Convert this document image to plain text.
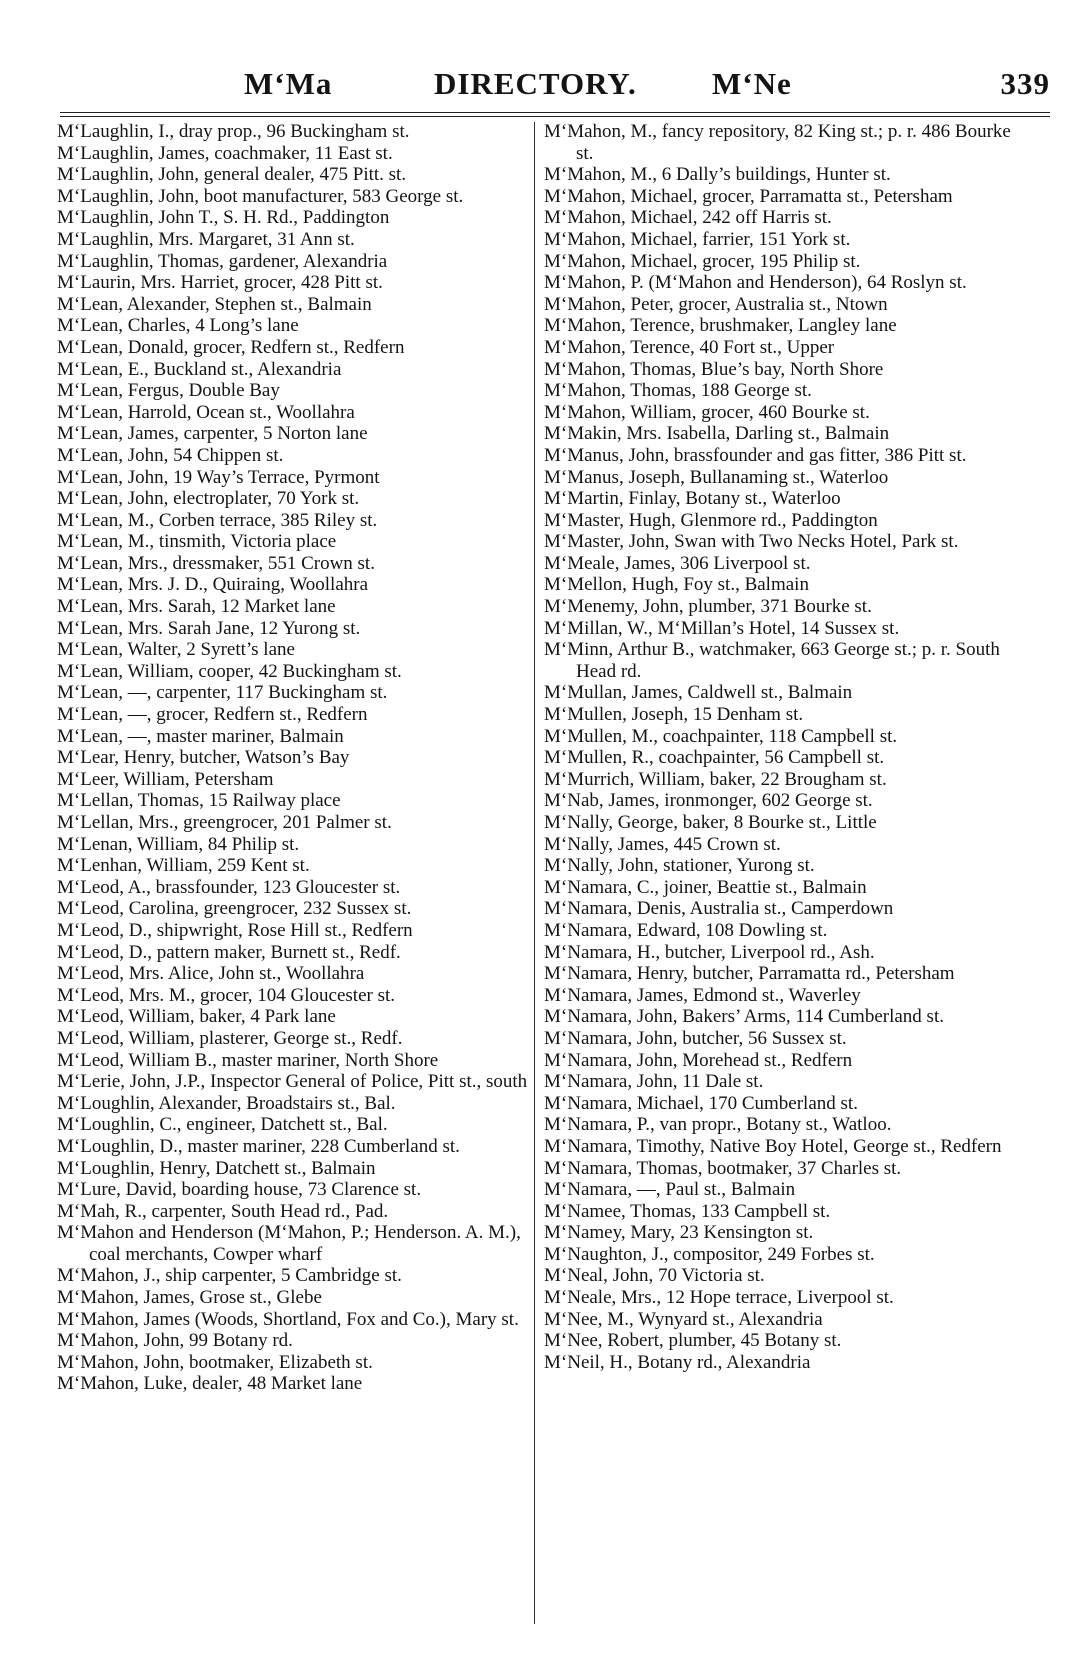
M‘Ma	DIRECTORY. M‘Ne	339

M‘Laughlin, I., dray prop., 96 Buckingham st.

M‘Laughlin, James, coachmaker, 11 East st.

M‘Laughlin, John, general dealer, 475 Pitt. st.

M‘Laughlin, John, boot manufacturer, 583 George st.

M‘Laughlin, John T., S. H. Rd., Paddington

M‘Laughlin, Mrs. Margaret, 31 Ann st.

M‘Laughlin, Thomas, gardener, Alexandria

M‘Laurin, Mrs. Harriet, grocer, 428 Pitt st.

M‘Lean, Alexander, Stephen st., Balmain

M‘Lean, Charles, 4 Long’s lane

M‘Lean, Donald, grocer, Redfern st., Redfern

M‘Lean, E., Buckland st., Alexandria

M‘Lean, Fergus, Double Bay

M‘Lean, Harrold, Ocean st., Woollahra

M‘Lean, James, carpenter, 5 Norton lane

M‘Lean, John, 54 Chippen st.

M‘Lean, John, 19 Way’s Terrace, Pyrmont

M‘Lean, John, electroplater, 70 York st.

M‘Lean, M., Corben terrace, 385 Riley st.

M‘Lean, M., tinsmith, Victoria place

M‘Lean, Mrs., dressmaker, 551 Crown st.

M‘Lean, Mrs. J. D., Quiraing, Woollahra

M‘Lean, Mrs. Sarah, 12 Market lane

M‘Lean, Mrs. Sarah Jane, 12 Yurong st.

M‘Lean, Walter, 2 Syrett’s lane

M‘Lean, William, cooper, 42 Buckingham st.

M‘Lean, —, carpenter, 117 Buckingham st.

M‘Lean, —, grocer, Redfern st., Redfern

M‘Lean, —, master mariner, Balmain

M‘Lear, Henry, butcher, Watson’s Bay

M‘Leer, William, Petersham

M‘Lellan, Thomas, 15 Railway place

M‘Lellan, Mrs., greengrocer, 201 Palmer st.

M‘Lenan, William, 84 Philip st.

M‘Lenhan, William, 259 Kent st.

M‘Leod, A., brassfounder, 123 Gloucester st.

M‘Leod, Carolina, greengrocer, 232 Sussex st.

M‘Leod, D., shipwright, Rose Hill st., Redfern

M‘Leod, D., pattern maker, Burnett st., Redf.

M‘Leod, Mrs. Alice, John st., Woollahra

M‘Leod, Mrs. M., grocer, 104 Gloucester st.

M‘Leod, William, baker, 4 Park lane

M‘Leod, William, plasterer, George st., Redf.

M‘Leod, William B., master mariner, North Shore

M‘Lerie, John, J.P., Inspector General of Police, Pitt st., south

M‘Loughlin, Alexander, Broadstairs st., Bal.

M‘Loughlin, C., engineer, Datchett st., Bal.

M‘Loughlin, D., master mariner, 228 Cumberland st.

M‘Loughlin, Henry, Datchett st., Balmain

M‘Lure, David, boarding house, 73 Clarence st.

M‘Mah, R., carpenter, South Head rd., Pad.

M‘Mahon and Henderson (M‘Mahon, P.; Henderson. A. M.), coal merchants, Cowper wharf

M‘Mahon, J., ship carpenter, 5 Cambridge st.

M‘Mahon, James, Grose st., Glebe

M‘Mahon, James (Woods, Shortland, Fox and Co.), Mary st.

M‘Mahon, John, 99 Botany rd.

M‘Mahon, John, bootmaker, Elizabeth st.

M‘Mahon, Luke, dealer, 48 Market lane

M‘Mahon, M., fancy repository, 82 King st.; p. r. 486 Bourke st.

M‘Mahon, M., 6 Dally’s buildings, Hunter st.

M‘Mahon, Michael, grocer, Parramatta st., Petersham

M‘Mahon, Michael, 242 off Harris st.

M‘Mahon, Michael, farrier, 151 York st.

M‘Mahon, Michael, grocer, 195 Philip st.

M‘Mahon, P. (M‘Mahon and Henderson), 64 Roslyn st.

M‘Mahon, Peter, grocer, Australia st., Ntown

M‘Mahon, Terence, brushmaker, Langley lane

M‘Mahon, Terence, 40 Fort st., Upper

M‘Mahon, Thomas, Blue’s bay, North Shore

M‘Mahon, Thomas, 188 George st.

M‘Mahon, William, grocer, 460 Bourke st.

M‘Makin, Mrs. Isabella, Darling st., Balmain

M‘Manus, John, brassfounder and gas fitter, 386 Pitt st.

M‘Manus, Joseph, Bullanaming st., Waterloo

M‘Martin, Finlay, Botany st., Waterloo

M‘Master, Hugh, Glenmore rd., Paddington

M‘Master, John, Swan with Two Necks Hotel, Park st.

M‘Meale, James, 306 Liverpool st.

M‘Mellon, Hugh, Foy st., Balmain

M‘Menemy, John, plumber, 371 Bourke st.

M‘Millan, W., M‘Millan’s Hotel, 14 Sussex st.

M‘Minn, Arthur B., watchmaker, 663 George st.; p. r. South Head rd.

M‘Mullan, James, Caldwell st., Balmain

M‘Mullen, Joseph, 15 Denham st.

M‘Mullen, M., coachpainter, 118 Campbell st.

M‘Mullen, R., coachpainter, 56 Campbell st.

M‘Murrich, William, baker, 22 Brougham st.

M‘Nab, James, ironmonger, 602 George st.

M‘Nally, George, baker, 8 Bourke st., Little

M‘Nally, James, 445 Crown st.

M‘Nally, John, stationer, Yurong st.

M‘Namara, C., joiner, Beattie st., Balmain

M‘Namara, Denis, Australia st., Camperdown

M‘Namara, Edward, 108 Dowling st.

M‘Namara, H., butcher, Liverpool rd., Ash.

M‘Namara, Henry, butcher, Parramatta rd., Petersham

M‘Namara, James, Edmond st., Waverley

M‘Namara, John, Bakers’ Arms, 114 Cumberland st.

M‘Namara, John, butcher, 56 Sussex st.

M‘Namara, John, Morehead st., Redfern

M‘Namara, John, 11 Dale st.

M‘Namara, Michael, 170 Cumberland st.

M‘Namara, P., van propr., Botany st., Watloo.

M‘Namara, Timothy, Native Boy Hotel, George st., Redfern

M‘Namara, Thomas, bootmaker, 37 Charles st.

M‘Namara, —, Paul st., Balmain

M‘Namee, Thomas, 133 Campbell st.

M‘Namey, Mary, 23 Kensington st.

M‘Naughton, J., compositor, 249 Forbes st.

M‘Neal, John, 70 Victoria st.

M‘Neale, Mrs., 12 Hope terrace, Liverpool st.

M‘Nee, M., Wynyard st., Alexandria

M‘Nee, Robert, plumber, 45 Botany st.

M‘Neil, H., Botany rd., Alexandria
